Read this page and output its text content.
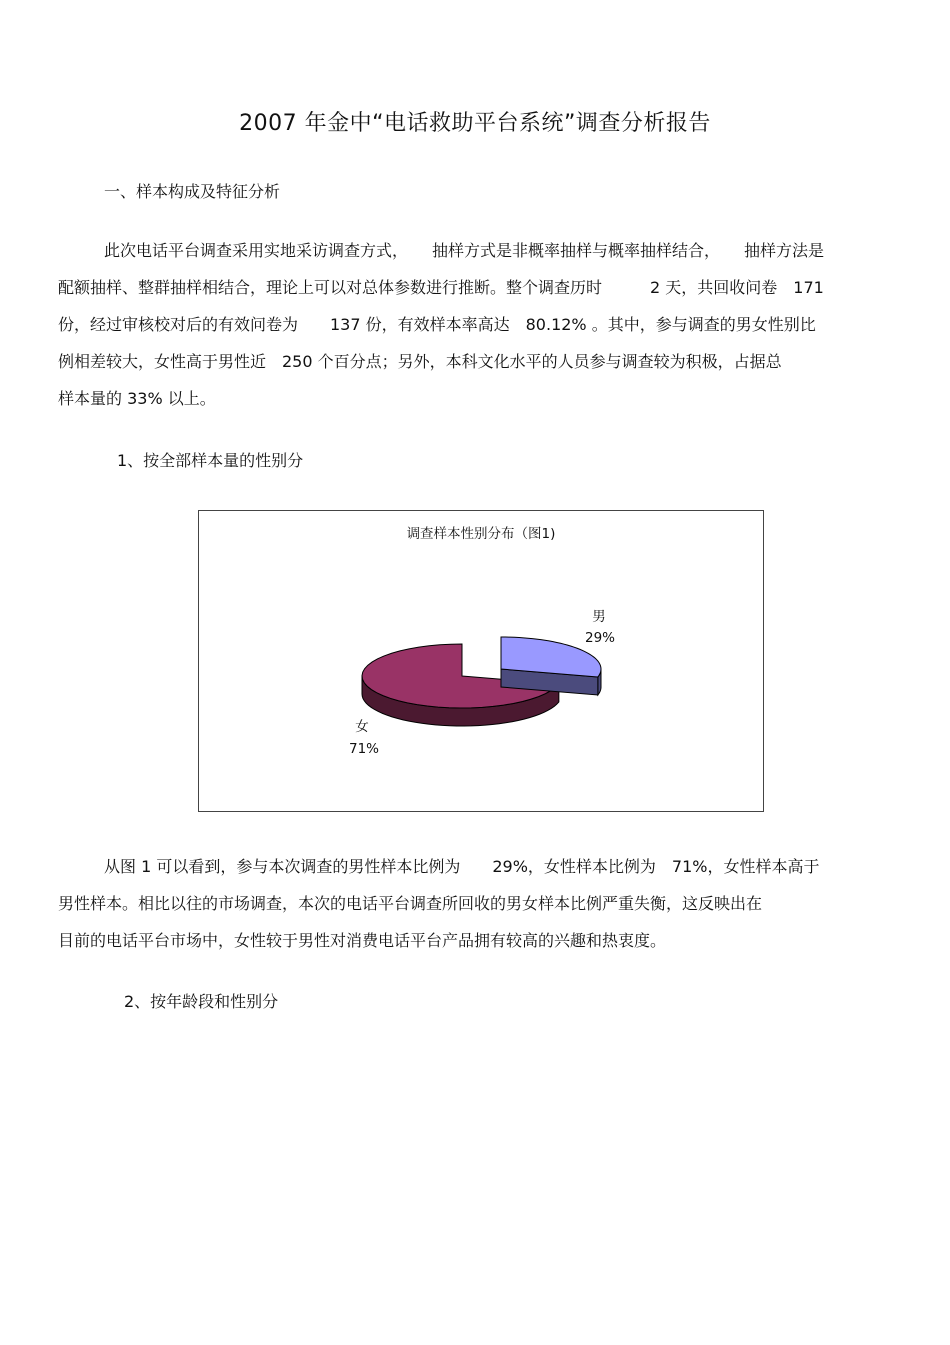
2007 年金中“电话救助平台系统”调查分析报告
一、样本构成及特征分析
此次电话平台调查采用实地采访调查方式，　　抽样方式是非概率抽样与概率抽样结合，　　抽样方法是
配额抽样、整群抽样相结合，理论上可以对总体参数进行推断。整个调查历时　　　2 天，共回收问卷　171
份，经过审核校对后的有效问卷为　　137 份，有效样本率高达　80.12% 。其中，参与调查的男女性别比
例相差较大，女性高于男性近　250 个百分点；另外，本科文化水平的人员参与调查较为积极，占据总
样本量的 33% 以上。
1、按全部样本量的性别分
调查样本性别分布（图1)
男
29%
女
71%
从图 1 可以看到，参与本次调查的男性样本比例为　　29%，女性样本比例为　71%，女性样本高于
男性样本。相比以往的市场调查，本次的电话平台调查所回收的男女样本比例严重失衡，这反映出在
目前的电话平台市场中，女性较于男性对消费电话平台产品拥有较高的兴趣和热衷度。
2、按年龄段和性别分
